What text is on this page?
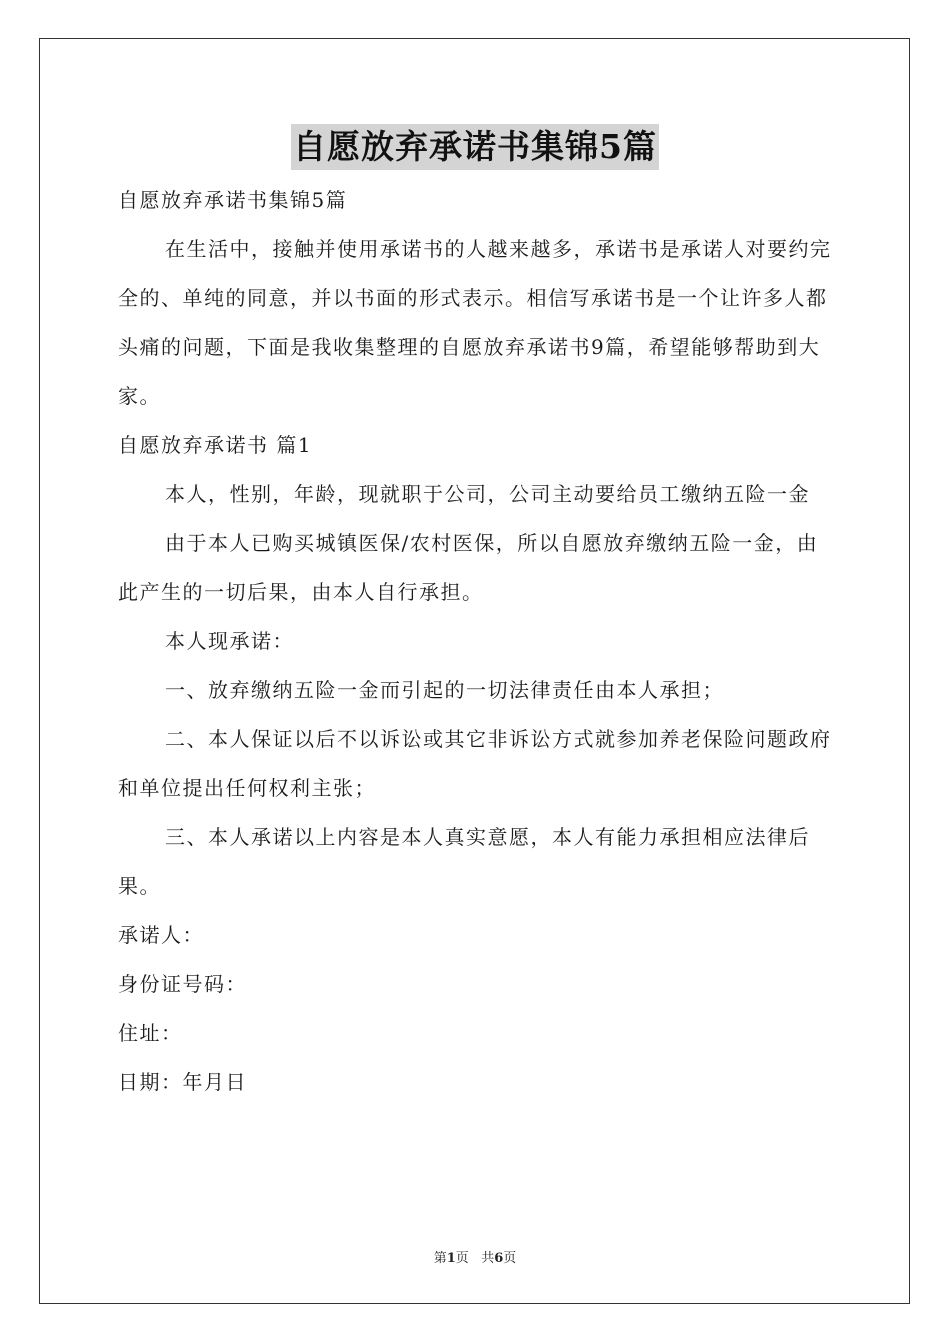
自愿放弃承诺书集锦5篇

自愿放弃承诺书集锦5篇

在生活中，接触并使用承诺书的人越来越多，承诺书是承诺人对要约完全的、单纯的同意，并以书面的形式表示。相信写承诺书是一个让许多人都头痛的问题，下面是我收集整理的自愿放弃承诺书9篇，希望能够帮助到大家。

自愿放弃承诺书 篇1

本人，性别，年龄，现就职于公司，公司主动要给员工缴纳五险一金

由于本人已购买城镇医保/农村医保，所以自愿放弃缴纳五险一金，由此产生的一切后果，由本人自行承担。

本人现承诺：

一、放弃缴纳五险一金而引起的一切法律责任由本人承担；

二、本人保证以后不以诉讼或其它非诉讼方式就参加养老保险问题政府和单位提出任何权利主张；

三、本人承诺以上内容是本人真实意愿，本人有能力承担相应法律后果。

承诺人：

身份证号码：

住址：

日期：年月日

第1页 共6页
